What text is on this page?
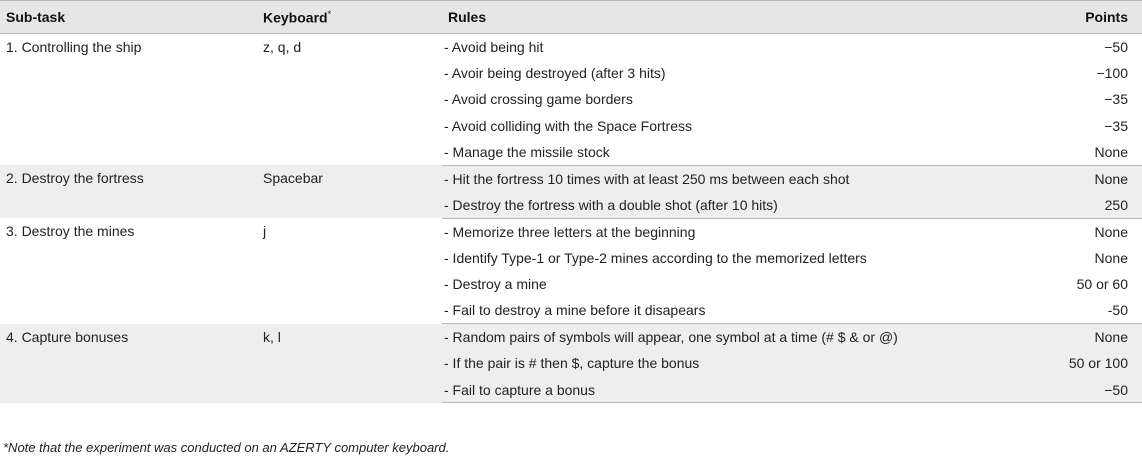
Sub-task	Keyboard*	Rules	Points
1. Controlling the ship	z, q, d	- Avoid being hit	−50
		- Avoir being destroyed (after 3 hits)	−100
		- Avoid crossing game borders	−35
		- Avoid colliding with the Space Fortress	−35
		- Manage the missile stock	None
2. Destroy the fortress	Spacebar	- Hit the fortress 10 times with at least 250 ms between each shot	None
		- Destroy the fortress with a double shot (after 10 hits)	250
3. Destroy the mines	j	- Memorize three letters at the beginning	None
		- Identify Type-1 or Type-2 mines according to the memorized letters	None
		- Destroy a mine	50 or 60
		- Fail to destroy a mine before it disapears	-50
4. Capture bonuses	k, l	- Random pairs of symbols will appear, one symbol at a time (# $ & or @)	None
		- If the pair is # then $, capture the bonus	50 or 100
		- Fail to capture a bonus	−50
*Note that the experiment was conducted on an AZERTY computer keyboard.
